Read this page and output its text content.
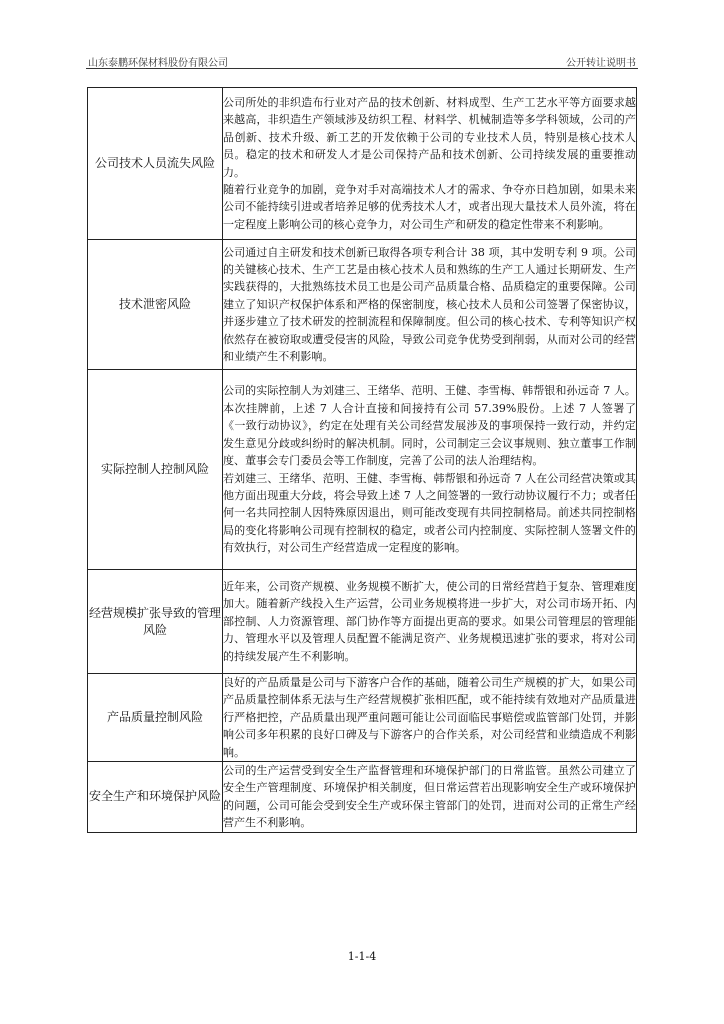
山东泰鹏环保材料股份有限公司	公开转让说明书
公司技术人员流失风险	公司所处的非织造布行业对产品的技术创新、材料成型、生产工艺水平等方面要求越来越高，非织造生产领域涉及纺织工程、材料学、机械制造等多学科领域，公司的产品创新、技术升级、新工艺的开发依赖于公司的专业技术人员，特别是核心技术人员。稳定的技术和研发人才是公司保持产品和技术创新、公司持续发展的重要推动力。

随着行业竞争的加剧，竞争对手对高端技术人才的需求、争夺亦日趋加剧，如果未来公司不能持续引进或者培养足够的优秀技术人才，或者出现大量技术人员外流，将在一定程度上影响公司的核心竞争力，对公司生产和研发的稳定性带来不利影响。

技术泄密风险	公司通过自主研发和技术创新已取得各项专利合计 38 项，其中发明专利 9 项。公司的关键核心技术、生产工艺是由核心技术人员和熟练的生产工人通过长期研发、生产实践获得的，大批熟练技术员工也是公司产品质量合格、品质稳定的重要保障。公司建立了知识产权保护体系和严格的保密制度，核心技术人员和公司签署了保密协议，并逐步建立了技术研发的控制流程和保障制度。但公司的核心技术、专利等知识产权依然存在被窃取或遭受侵害的风险，导致公司竞争优势受到削弱，从而对公司的经营和业绩产生不利影响。

实际控制人控制风险	公司的实际控制人为刘建三、王绪华、范明、王健、李雪梅、韩帮银和孙远奇 7 人。本次挂牌前，上述 7 人合计直接和间接持有公司 57.39%股份。上述 7 人签署了《一致行动协议》，约定在处理有关公司经营发展涉及的事项保持一致行动，并约定发生意见分歧或纠纷时的解决机制。同时，公司制定三会议事规则、独立董事工作制度、董事会专门委员会等工作制度，完善了公司的法人治理结构。

若刘建三、王绪华、范明、王健、李雪梅、韩帮银和孙远奇 7 人在公司经营决策或其他方面出现重大分歧，将会导致上述 7 人之间签署的一致行动协议履行不力；或者任何一名共同控制人因特殊原因退出，则可能改变现有共同控制格局。前述共同控制格局的变化将影响公司现有控制权的稳定，或者公司内控制度、实际控制人签署文件的有效执行，对公司生产经营造成一定程度的影响。

经营规模扩张导致的管理风险	近年来，公司资产规模、业务规模不断扩大，使公司的日常经营趋于复杂、管理难度加大。随着新产线投入生产运营，公司业务规模将进一步扩大，对公司市场开拓、内部控制、人力资源管理、部门协作等方面提出更高的要求。如果公司管理层的管理能力、管理水平以及管理人员配置不能满足资产、业务规模迅速扩张的要求，将对公司的持续发展产生不利影响。

产品质量控制风险	良好的产品质量是公司与下游客户合作的基础，随着公司生产规模的扩大，如果公司产品质量控制体系无法与生产经营规模扩张相匹配，或不能持续有效地对产品质量进行严格把控，产品质量出现严重问题可能让公司面临民事赔偿或监管部门处罚，并影响公司多年积累的良好口碑及与下游客户的合作关系，对公司经营和业绩造成不利影响。

安全生产和环境保护风险	公司的生产运营受到安全生产监督管理和环境保护部门的日常监管。虽然公司建立了安全生产管理制度、环境保护相关制度，但日常运营若出现影响安全生产或环境保护的问题，公司可能会受到安全生产或环保主管部门的处罚，进而对公司的正常生产经营产生不利影响。

1-1-4
